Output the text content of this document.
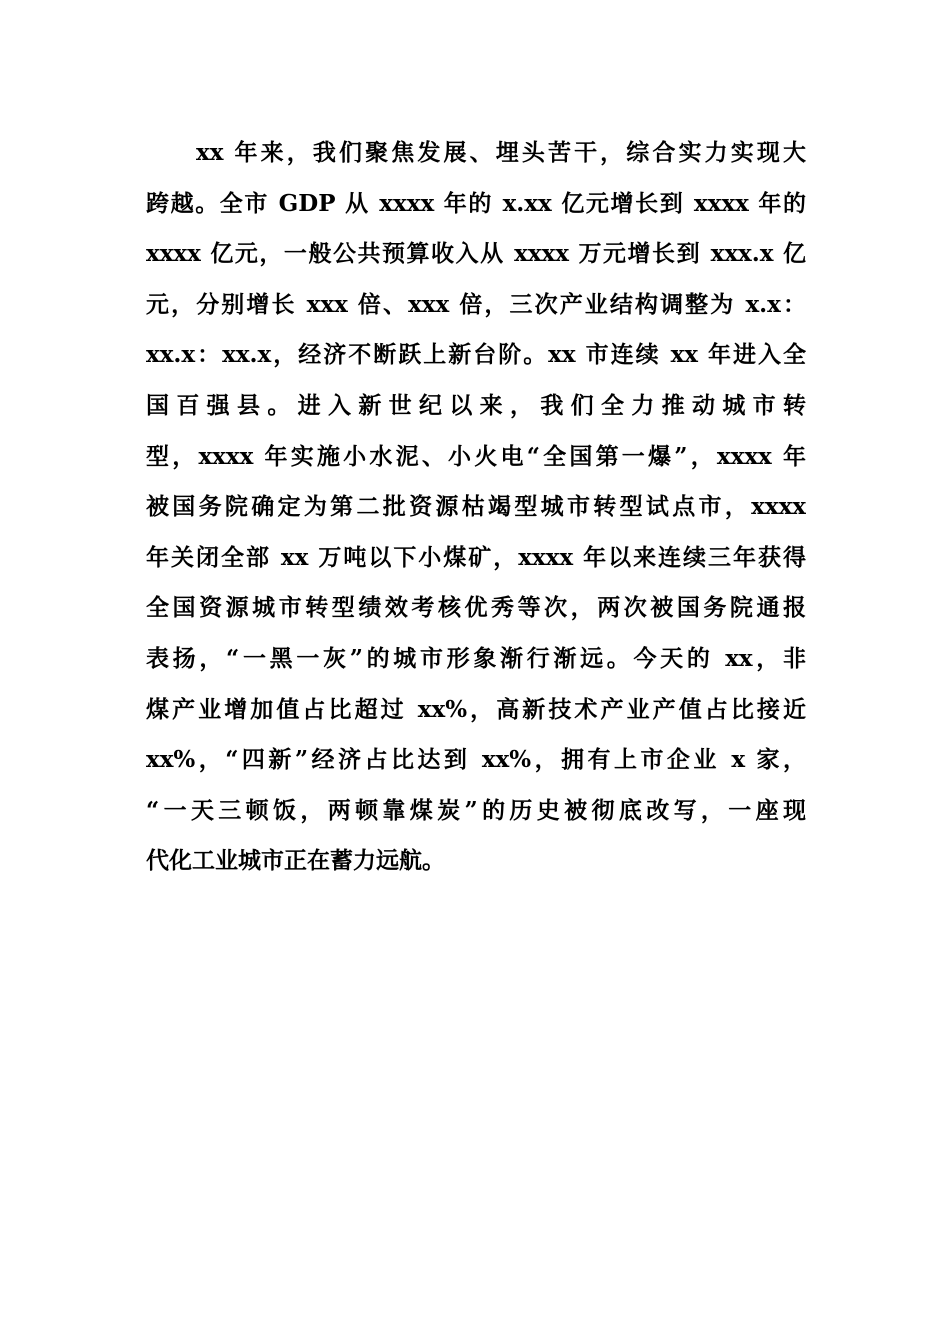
xx 年来，我们聚焦发展、埋头苦干，综合实力实现大
跨越。全市 GDP 从 xxxx 年的 x.xx 亿元增长到 xxxx 年的
xxxx 亿元，一般公共预算收入从 xxxx 万元增长到 xxx.x 亿
元，分别增长 xxx 倍、xxx 倍，三次产业结构调整为 x.x：
xx.x：xx.x，经济不断跃上新台阶。xx 市连续 xx 年进入全
国百强县。进入新世纪以来，我们全力推动城市转
型，xxxx 年实施小水泥、小火电“全国第一爆”，xxxx 年
被国务院确定为第二批资源枯竭型城市转型试点市，xxxx
年关闭全部 xx 万吨以下小煤矿，xxxx 年以来连续三年获得
全国资源城市转型绩效考核优秀等次，两次被国务院通报
表扬，“一黑一灰”的城市形象渐行渐远。今天的 xx，非
煤产业增加值占比超过 xx%，高新技术产业产值占比接近
xx%，“四新”经济占比达到 xx%，拥有上市企业 x 家，
“一天三顿饭，两顿靠煤炭”的历史被彻底改写，一座现
代化工业城市正在蓄力远航。
